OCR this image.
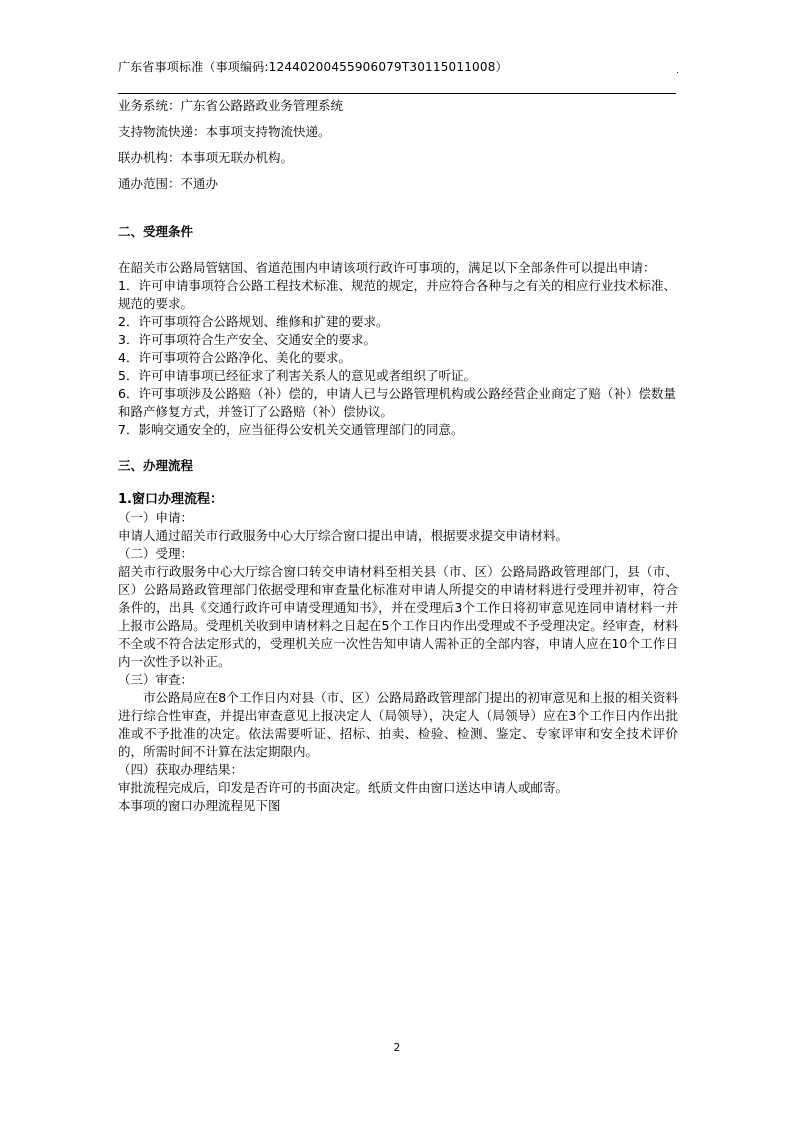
广东省事项标准（事项编码:12440200455906079T30115011008）	.

业务系统：广东省公路路政业务管理系统

支持物流快递：本事项支持物流快递。

联办机构：本事项无联办机构。

通办范围：不通办

二、受理条件

在韶关市公路局管辖国、省道范围内申请该项行政许可事项的，满足以下全部条件可以提出申请：

1．许可申请事项符合公路工程技术标准、规范的规定，并应符合各种与之有关的相应行业技术标准、规范的要求。

2．许可事项符合公路规划、维修和扩建的要求。

3．许可事项符合生产安全、交通安全的要求。

4．许可事项符合公路净化、美化的要求。

5．许可申请事项已经征求了利害关系人的意见或者组织了听证。

6．许可事项涉及公路赔（补）偿的，申请人已与公路管理机构或公路经营企业商定了赔（补）偿数量和路产修复方式，并签订了公路赔（补）偿协议。

7．影响交通安全的，应当征得公安机关交通管理部门的同意。

三、办理流程
1.窗口办理流程：

（一）申请：

申请人通过韶关市行政服务中心大厅综合窗口提出申请，根据要求提交申请材料。

（二）受理：

韶关市行政服务中心大厅综合窗口转交申请材料至相关县（市、区）公路局路政管理部门，县（市、区）公路局路政管理部门依据受理和审查量化标准对申请人所提交的申请材料进行受理并初审，符合条件的，出具《交通行政许可申请受理通知书》，并在受理后3个工作日将初审意见连同申请材料一并上报市公路局。受理机关收到申请材料之日起在5个工作日内作出受理或不予受理决定。经审查，材料不全或不符合法定形式的，受理机关应一次性告知申请人需补正的全部内容，申请人应在10个工作日内一次性予以补正。

（三）审查：

市公路局应在8个工作日内对县（市、区）公路局路政管理部门提出的初审意见和上报的相关资料进行综合性审查，并提出审查意见上报决定人（局领导），决定人（局领导）应在3个工作日内作出批准或不予批准的决定。依法需要听证、招标、拍卖、检验、检测、鉴定、专家评审和安全技术评价的，所需时间不计算在法定期限内。

（四）获取办理结果：

审批流程完成后，印发是否许可的书面决定。纸质文件由窗口送达申请人或邮寄。

本事项的窗口办理流程见下图

2
